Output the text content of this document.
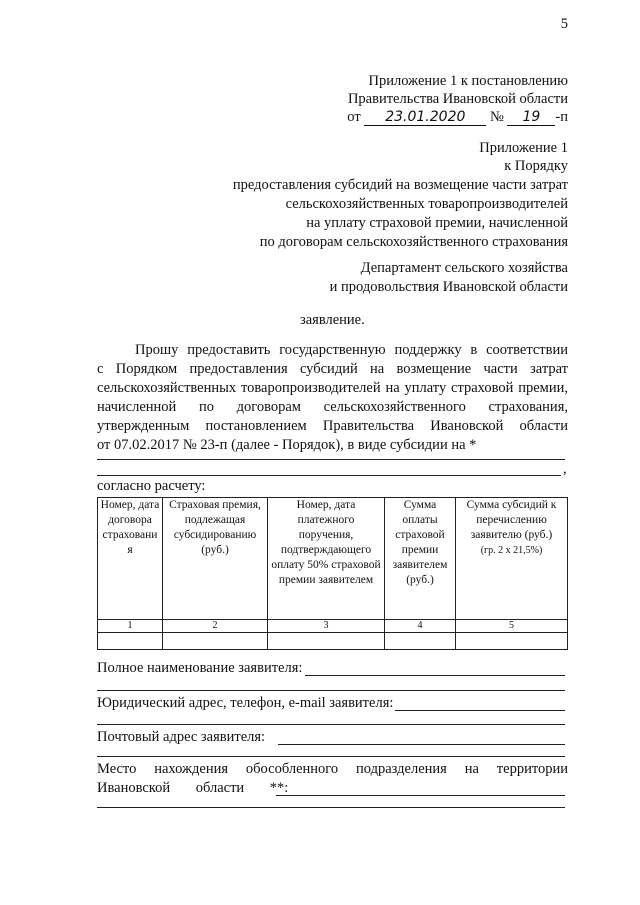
5
Приложение 1 к постановлению
Правительства Ивановской области
от 23.01.2020 № 19 -п
Приложение 1
к Порядку
предоставления субсидий на возмещение части затрат
сельскохозяйственных товаропроизводителей
на уплату страховой премии, начисленной
по договорам сельскохозяйственного страхования
Департамент сельского хозяйства
и продовольствия Ивановской области
заявление.
Прошу предоставить государственную поддержку в соответствии
с Порядком предоставления субсидий на возмещение части затрат
сельскохозяйственных товаропроизводителей на уплату страховой премии,
начисленной по договорам сельскохозяйственного страхования,
утвержденным постановлением Правительства Ивановской области
от 07.02.2017 № 23-п (далее - Порядок), в виде субсидии на *
,
согласно расчету:
Номер, дата договора страховани я	Страховая премия, подлежащая субсидированию (руб.)	Номер, дата платежного поручения, подтверждающего оплату 50% страховой премии заявителем	Сумма оплаты страховой премии заявителем (руб.)	Сумма субсидий к перечислению заявителю (руб.)
(гр. 2 x 21,5%)
1	2	3	4	5

Полное наименование заявителя:
Юридический адрес, телефон, e-mail заявителя:
Почтовый адрес заявителя:
Место нахождения обособленного подразделения на территории
Ивановской области **:
